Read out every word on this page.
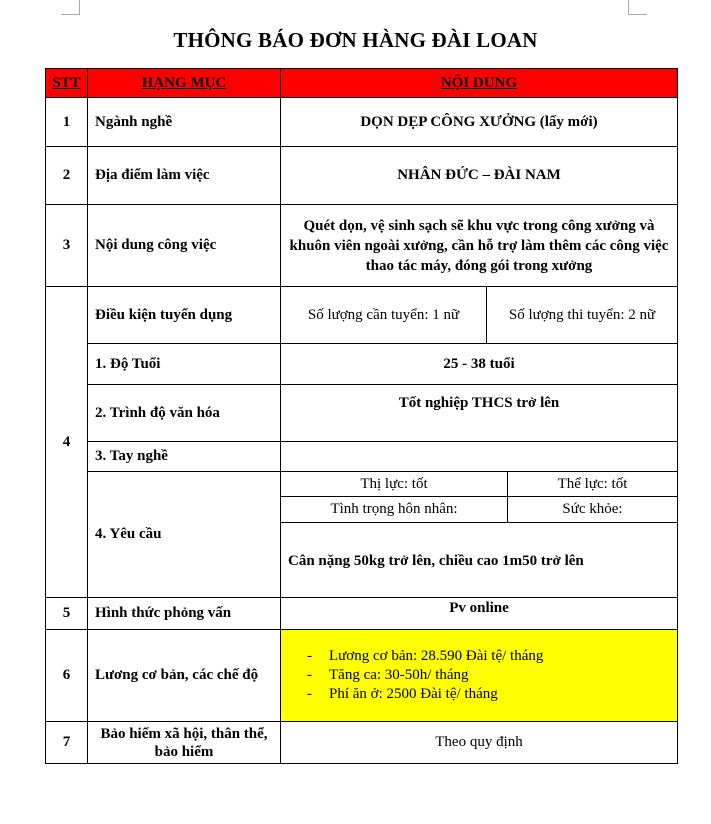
THÔNG BÁO ĐƠN HÀNG ĐÀI LOAN
STT	HẠNG MỤC	NỘI DUNG
1	Ngành nghề	DỌN DẸP CÔNG XƯỞNG (lấy mới)
2	Địa điểm làm việc	NHÂN ĐỨC – ĐÀI NAM
3	Nội dung công việc	Quét dọn, vệ sinh sạch sẽ khu vực trong công xưởng và khuôn viên ngoài xưởng, cần hỗ trợ làm thêm các công việc thao tác máy, đóng gói trong xưởng
4	Điều kiện tuyển dụng		Số lượng cần tuyển: 1 nữ	Số lượng thi tuyển: 2 nữ

1. Độ Tuổi	25 - 38 tuổi
2. Trình độ văn hóa	Tốt nghiệp THCS trở lên
3. Tay nghề	
4. Yêu cầu	
Thị lực: tốt	Thể lực: tốt
Tình trọng hôn nhân:	Sức khỏe:
Cân nặng 50kg trở lên, chiều cao 1m50 trở lên

5	Hình thức phỏng vấn	Pv online
6	Lương cơ bản, các chế độ	
- Lương cơ bản: 28.590 Đài tệ/ tháng
- Tăng ca: 30-50h/ tháng
- Phí ăn ở: 2500 Đài tệ/ tháng

7	Bảo hiểm xã hội, thân thể, bảo hiểm	Theo quy định
